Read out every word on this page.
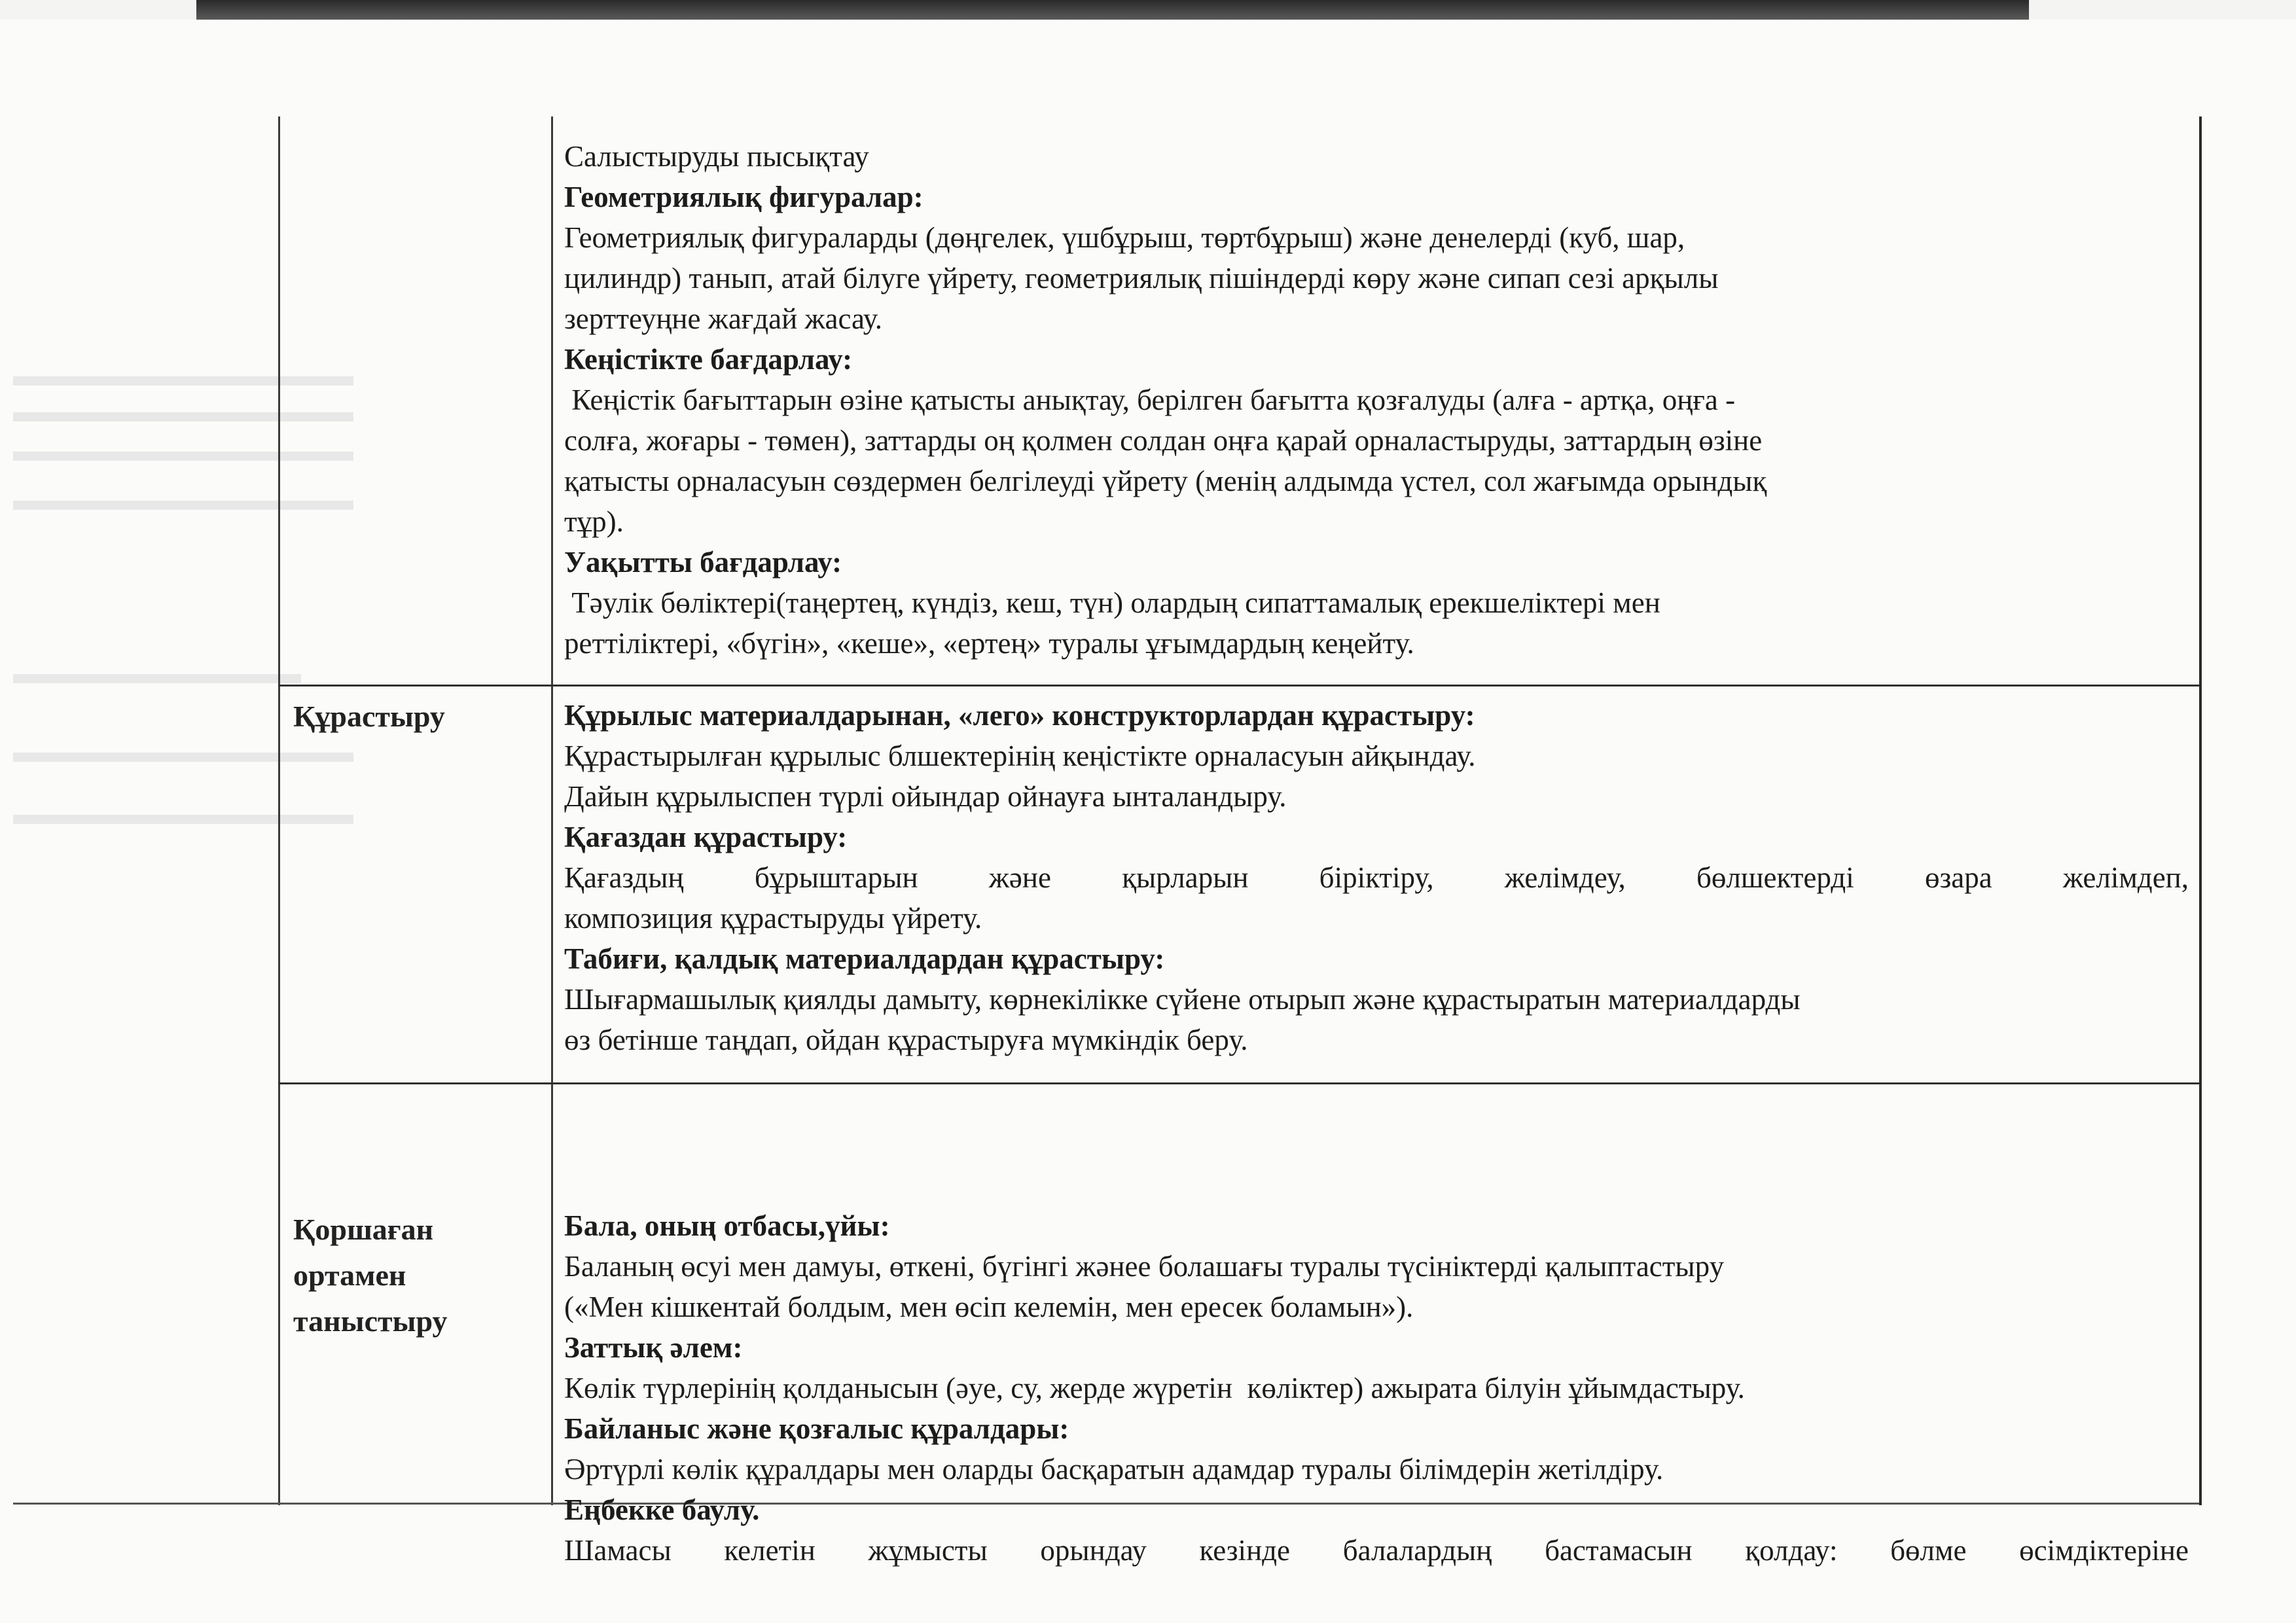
Салыстыруды пысықтау
Геометриялық фигуралар:
Геометриялық фигураларды (дөңгелек, үшбұрыш, төртбұрыш) және денелерді (куб, шар,
цилиндр) танып, атай білуге үйрету, геометриялық пішіндерді көру және сипап сезі арқылы
зерттеуңне жағдай жасау.
Кеңістікте бағдарлау:
Кеңістік бағыттарын өзіне қатысты анықтау, берілген бағытта қозғалуды (алға - артқа, оңға -
солға, жоғары - төмен), заттарды оң қолмен солдан оңға қарай орналастыруды, заттардың өзіне
қатысты орналасуын сөздермен белгілеуді үйрету (менің алдымда үстел, сол жағымда орындық
тұр).
Уақытты бағдарлау:
Тәулік бөліктері(таңертең, күндіз, кеш, түн) олардың сипаттамалық ерекшеліктері мен
реттіліктері, «бүгін», «кеше», «ертең» туралы ұғымдардың кеңейту.
Құрастыру	Құрылыс материалдарынан, «лего» конструкторлардан құрастыру:
Құрастырылған құрылыс блшектерінің кеңістікте орналасуын айқындау.
Дайын құрылыспен түрлі ойындар ойнауға ынталандыру.
Қағаздан құрастыру:
Қағаздың бұрыштарын және қырларын біріктіру, желімдеу, бөлшектерді өзара желімдеп,
композиция құрастыруды үйрету.
Табиғи, қалдық материалдардан құрастыру:
Шығармашылық қиялды дамыту, көрнекілікке сүйене отырып және құрастыратын материалдарды
өз бетінше таңдап, ойдан құрастыруға мүмкіндік беру.
Қоршаған
ортамен
таныстыру
Бала, оның отбасы,үйы:
Баланың өсуі мен дамуы, өткені, бүгінгі жәнее болашағы туралы түсініктерді қалыптастыру
(«Мен кішкентай болдым, мен өсіп келемін, мен ересек боламын»).
Заттық әлем:
Көлік түрлерінің қолданысын (әуе, су, жерде жүретін  көліктер) ажырата білуін ұйымдастыру.
Байланыс және қозғалыс құралдары:
Әртүрлі көлік құралдары мен оларды басқаратын адамдар туралы білімдерін жетілдіру.
Еңбекке баулу.
Шамасы келетін жұмысты орындау кезінде балалардың бастамасын қолдау: бөлме өсімдіктеріне
